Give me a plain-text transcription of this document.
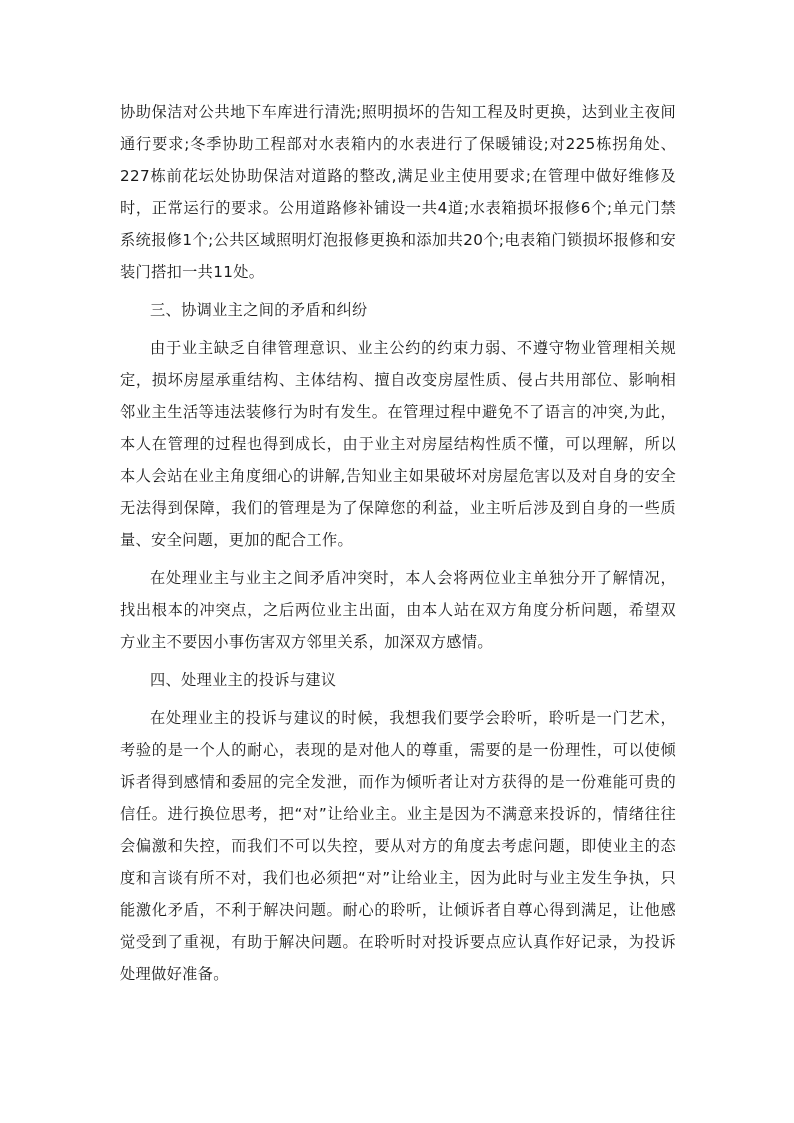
协助保洁对公共地下车库进行清洗;照明损坏的告知工程及时更换，达到业主夜间通行要求;冬季协助工程部对水表箱内的水表进行了保暖铺设;对225栋拐角处、227栋前花坛处协助保洁对道路的整改,满足业主使用要求;在管理中做好维修及时，正常运行的要求。公用道路修补铺设一共4道;水表箱损坏报修6个;单元门禁系统报修1个;公共区域照明灯泡报修更换和添加共20个;电表箱门锁损坏报修和安装门搭扣一共11处。

三、协调业主之间的矛盾和纠纷

由于业主缺乏自律管理意识、业主公约的约束力弱、不遵守物业管理相关规定，损坏房屋承重结构、主体结构、擅自改变房屋性质、侵占共用部位、影响相邻业主生活等违法装修行为时有发生。在管理过程中避免不了语言的冲突,为此，本人在管理的过程也得到成长，由于业主对房屋结构性质不懂，可以理解，所以本人会站在业主角度细心的讲解,告知业主如果破坏对房屋危害以及对自身的安全无法得到保障，我们的管理是为了保障您的利益，业主听后涉及到自身的一些质量、安全问题，更加的配合工作。

在处理业主与业主之间矛盾冲突时，本人会将两位业主单独分开了解情况，找出根本的冲突点，之后两位业主出面，由本人站在双方角度分析问题，希望双方业主不要因小事伤害双方邻里关系，加深双方感情。

四、处理业主的投诉与建议

在处理业主的投诉与建议的时候，我想我们要学会聆听，聆听是一门艺术，考验的是一个人的耐心，表现的是对他人的尊重，需要的是一份理性，可以使倾诉者得到感情和委屈的完全发泄，而作为倾听者让对方获得的是一份难能可贵的信任。进行换位思考，把“对”让给业主。业主是因为不满意来投诉的，情绪往往会偏激和失控，而我们不可以失控，要从对方的角度去考虑问题，即使业主的态度和言谈有所不对，我们也必须把“对”让给业主，因为此时与业主发生争执，只能激化矛盾，不利于解决问题。耐心的聆听，让倾诉者自尊心得到满足，让他感觉受到了重视，有助于解决问题。在聆听时对投诉要点应认真作好记录，为投诉处理做好准备。
